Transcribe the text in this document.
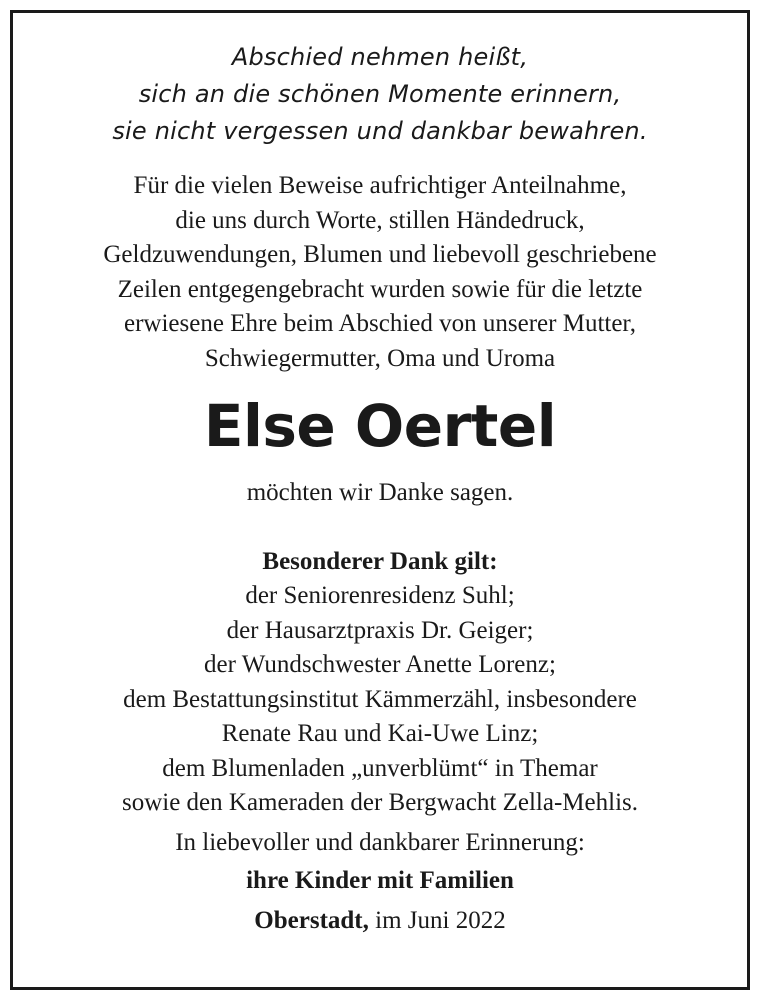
Abschied nehmen heißt,
sich an die schönen Momente erinnern,
sie nicht vergessen und dankbar bewahren.
Für die vielen Beweise aufrichtiger Anteilnahme,
die uns durch Worte, stillen Händedruck,
Geldzuwendungen, Blumen und liebevoll geschriebene
Zeilen entgegengebracht wurden sowie für die letzte
erwiesene Ehre beim Abschied von unserer Mutter,
Schwiegermutter, Oma und Uroma
Else Oertel
möchten wir Danke sagen.
Besonderer Dank gilt:
der Seniorenresidenz Suhl;
der Hausarztpraxis Dr. Geiger;
der Wundschwester Anette Lorenz;
dem Bestattungsinstitut Kämmerzähl, insbesondere
Renate Rau und Kai-Uwe Linz;
dem Blumenladen „unverblümt“ in Themar
sowie den Kameraden der Bergwacht Zella-Mehlis.
In liebevoller und dankbarer Erinnerung:
ihre Kinder mit Familien
Oberstadt, im Juni 2022
